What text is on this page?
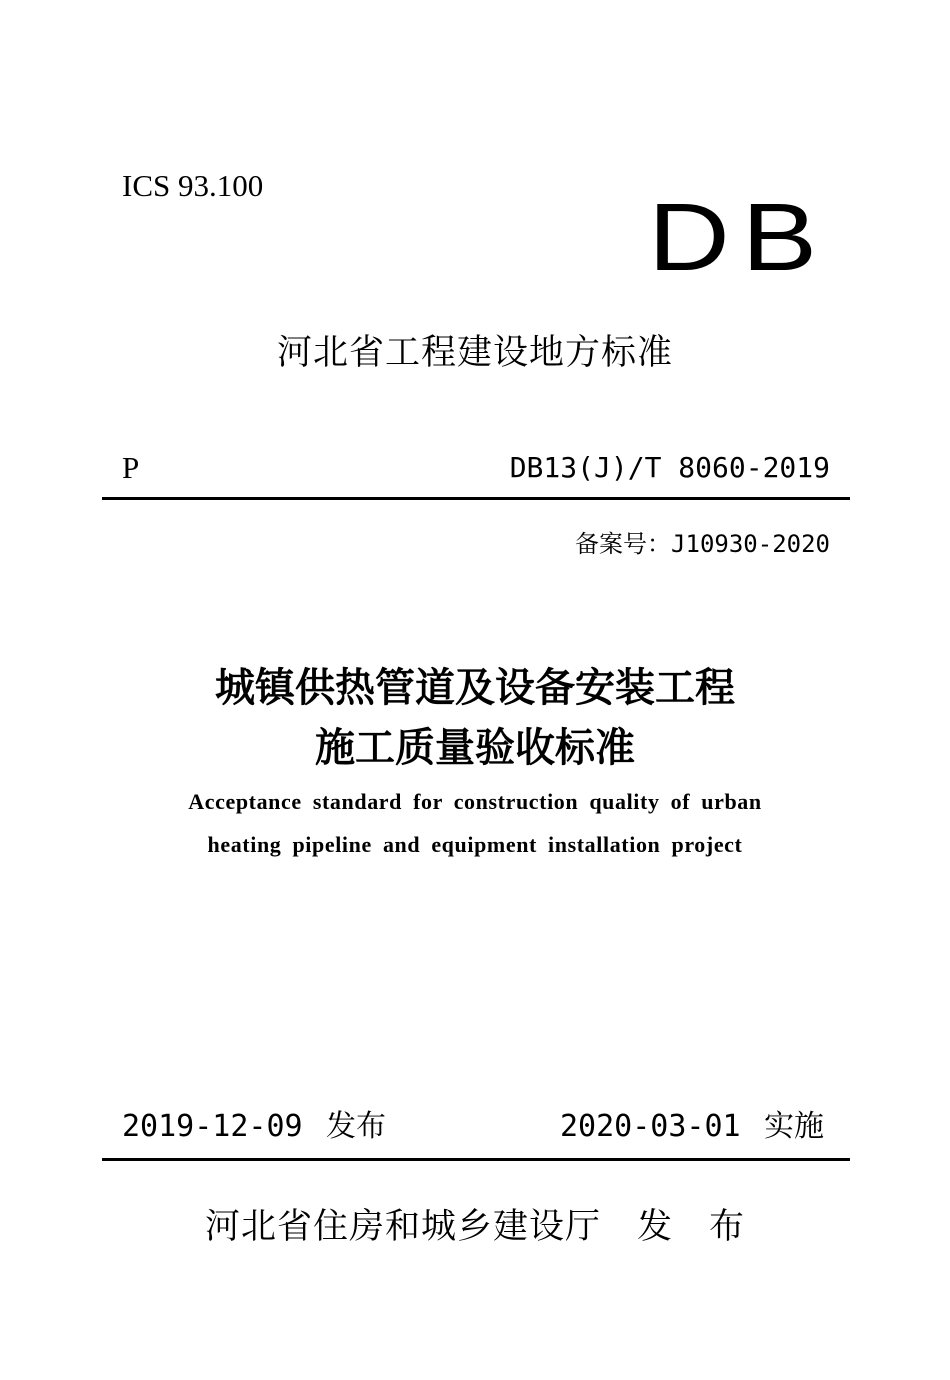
ICS 93.100	DB
河北省工程建设地方标准
P	DB13(J)/T 8060-2019
备案号：J10930-2020
城镇供热管道及设备安装工程
施工质量验收标准
Acceptance standard for construction quality of urban
heating pipeline and equipment installation project
2019-12-09 发布	2020-03-01 实施
河北省住房和城乡建设厅　发　布
